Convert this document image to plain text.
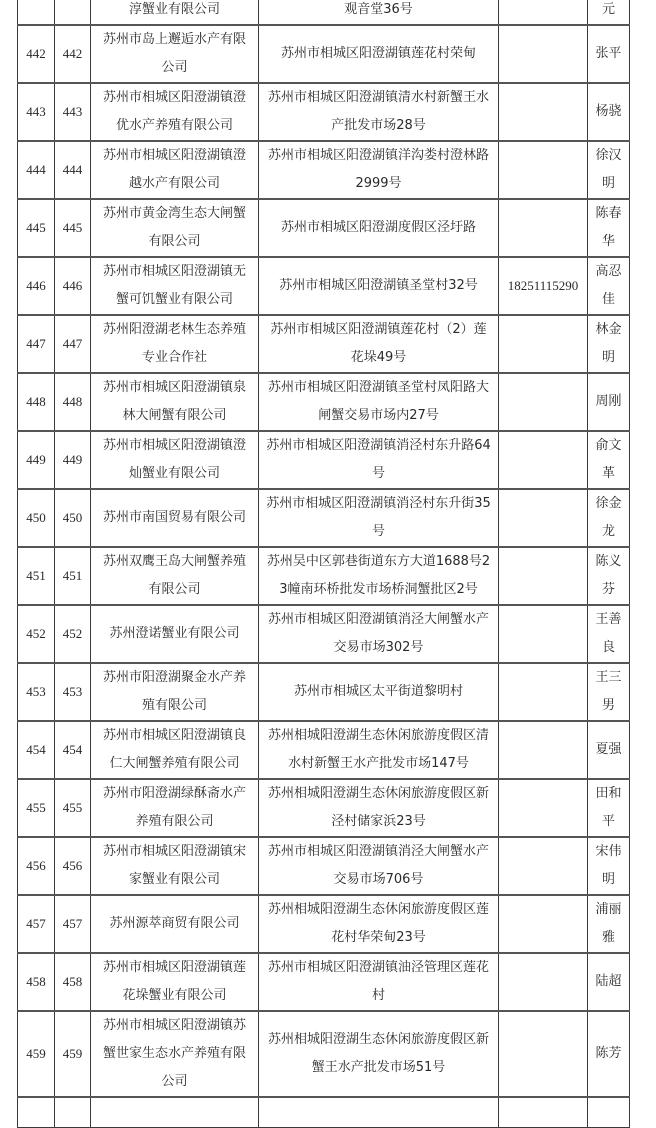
		淳蟹业有限公司	观音堂36号		元
442	442	苏州市岛上邂逅水产有限公司	苏州市相城区阳澄湖镇莲花村荣甸		张平
443	443	苏州市相城区阳澄湖镇澄优水产养殖有限公司	苏州市相城区阳澄湖镇清水村新蟹王水产批发市场28号		杨骁
444	444	苏州市相城区阳澄湖镇澄越水产有限公司	苏州市相城区阳澄湖镇洋沟娄村澄林路2999号		徐汉明
445	445	苏州市黄金湾生态大闸蟹有限公司	苏州市相城区阳澄湖度假区泾圩路		陈春华
446	446	苏州市相城区阳澄湖镇无蟹可饥蟹业有限公司	苏州市相城区阳澄湖镇圣堂村32号	18251115290	高忍佳
447	447	苏州阳澄湖老林生态养殖专业合作社	苏州市相城区阳澄湖镇莲花村（2）莲花垛49号		林金明
448	448	苏州市相城区阳澄湖镇泉林大闸蟹有限公司	苏州市相城区阳澄湖镇圣堂村凤阳路大闸蟹交易市场内27号		周刚
449	449	苏州市相城区阳澄湖镇澄灿蟹业有限公司	苏州市相城区阳澄湖镇消泾村东升路64号		俞文革
450	450	苏州市南国贸易有限公司	苏州市相城区阳澄湖镇消泾村东升街35号		徐金龙
451	451	苏州双鹰王岛大闸蟹养殖有限公司	苏州吴中区郭巷街道东方大道1688号23幢南环桥批发市场桥洞蟹批区2号		陈义芬
452	452	苏州澄诺蟹业有限公司	苏州市相城区阳澄湖镇消泾大闸蟹水产交易市场302号		王善良
453	453	苏州市阳澄湖聚金水产养殖有限公司	苏州市相城区太平街道黎明村		王三男
454	454	苏州市相城区阳澄湖镇良仁大闸蟹养殖有限公司	苏州相城阳澄湖生态休闲旅游度假区清水村新蟹王水产批发市场147号		夏强
455	455	苏州市阳澄湖绿酥斋水产养殖有限公司	苏州相城阳澄湖生态休闲旅游度假区新泾村储家浜23号		田和平
456	456	苏州市相城区阳澄湖镇宋家蟹业有限公司	苏州市相城区阳澄湖镇消泾大闸蟹水产交易市场706号		宋伟明
457	457	苏州源萃商贸有限公司	苏州相城阳澄湖生态休闲旅游度假区莲花村华荣甸23号		浦丽雅
458	458	苏州市相城区阳澄湖镇莲花垛蟹业有限公司	苏州市相城区阳澄湖镇油泾管理区莲花村		陆超
459	459	苏州市相城区阳澄湖镇苏蟹世家生态水产养殖有限公司	苏州相城阳澄湖生态休闲旅游度假区新蟹王水产批发市场51号		陈芳
